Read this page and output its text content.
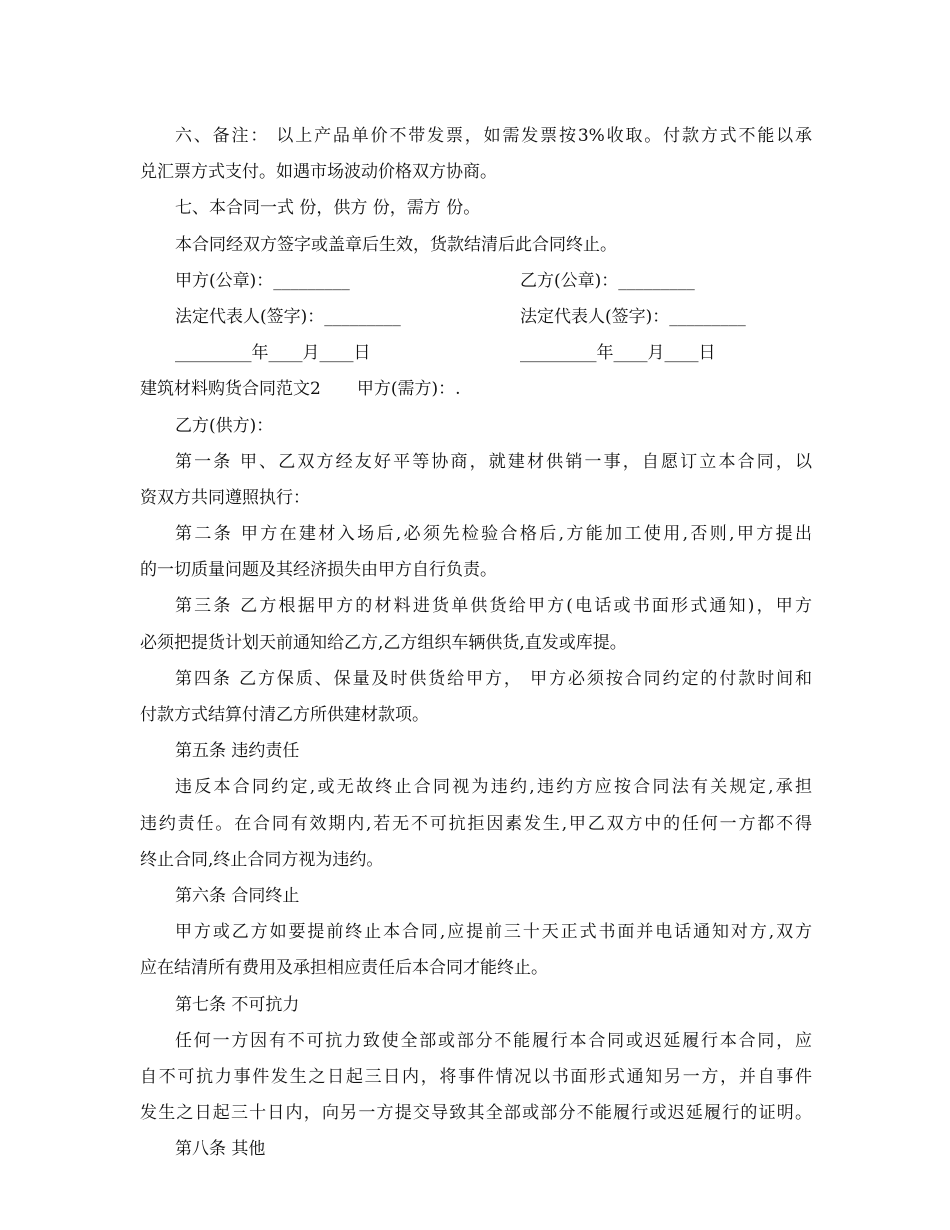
六、备注： 以上产品单价不带发票，如需发票按3%收取。付款方式不能以承
兑汇票方式支付。如遇市场波动价格双方协商。
七、本合同一式 份，供方 份，需方 份。
本合同经双方签字或盖章后生效，货款结清后此合同终止。
甲方(公章)：_________	乙方(公章)：_________
法定代表人(签字)：_________	法定代表人(签字)：_________
_________年____月____日	_________年____月____日
建筑材料购货合同范文2 甲方(需方)：.
乙方(供方)：
第一条 甲、乙双方经友好平等协商，就建材供销一事，自愿订立本合同，以
资双方共同遵照执行：
第二条 甲方在建材入场后,必须先检验合格后,方能加工使用,否则,甲方提出
的一切质量问题及其经济损失由甲方自行负责。
第三条 乙方根据甲方的材料进货单供货给甲方(电话或书面形式通知)，甲方
必须把提货计划天前通知给乙方,乙方组织车辆供货,直发或库提。
第四条 乙方保质、保量及时供货给甲方， 甲方必须按合同约定的付款时间和
付款方式结算付清乙方所供建材款项。
第五条 违约责任
违反本合同约定,或无故终止合同视为违约,违约方应按合同法有关规定,承担
违约责任。在合同有效期内,若无不可抗拒因素发生,甲乙双方中的任何一方都不得
终止合同,终止合同方视为违约。
第六条 合同终止
甲方或乙方如要提前终止本合同,应提前三十天正式书面并电话通知对方,双方
应在结清所有费用及承担相应责任后本合同才能终止。
第七条 不可抗力
任何一方因有不可抗力致使全部或部分不能履行本合同或迟延履行本合同，应
自不可抗力事件发生之日起三日内，将事件情况以书面形式通知另一方，并自事件
发生之日起三十日内，向另一方提交导致其全部或部分不能履行或迟延履行的证明。
第八条 其他
